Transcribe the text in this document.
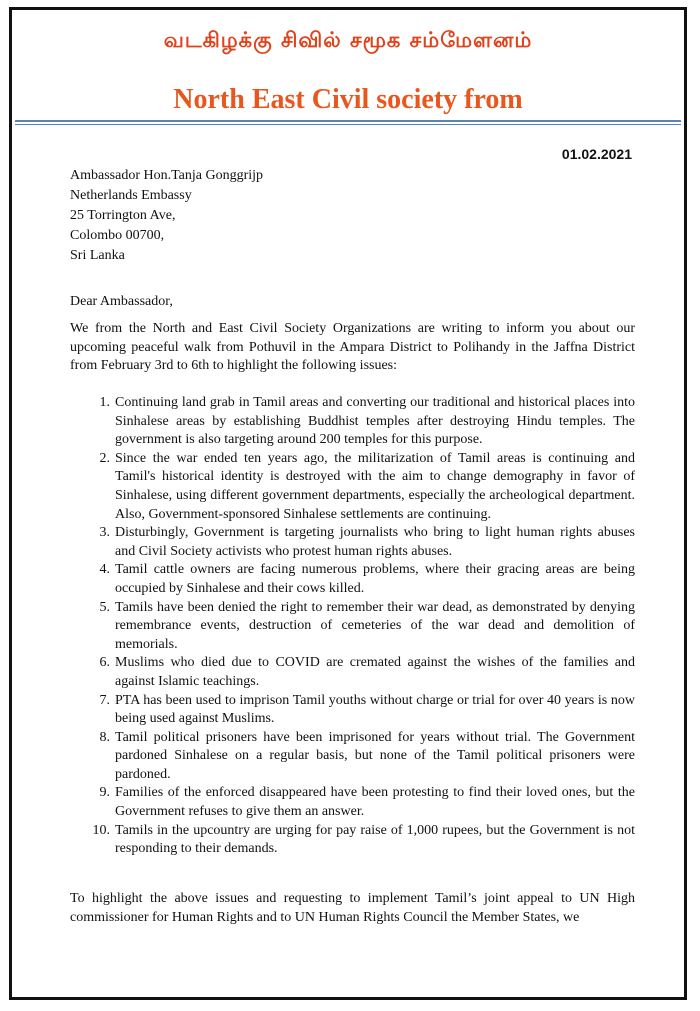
வடகிழக்கு சிவில் சமூக சம்மேளனம்
North East Civil society from
01.02.2021
Ambassador Hon.Tanja Gonggrijp
Netherlands Embassy
25 Torrington Ave,
Colombo 00700,
Sri Lanka
Dear Ambassador,
We from the North and East Civil Society Organizations are writing to inform you about our upcoming peaceful walk from Pothuvil in the Ampara District to Polihandy in the Jaffna District from February 3rd to 6th to highlight the following issues:
1 . Continuing land grab in Tamil areas and converting our traditional and historical places into Sinhalese areas by establishing Buddhist temples after destroying Hindu temples. The government is also targeting around 200 temples for this purpose.
2 . Since the war ended ten years ago, the militarization of Tamil areas is continuing and Tamil's historical identity is destroyed with the aim to change demography in favor of Sinhalese, using different government departments, especially the archeological department. Also, Government-sponsored Sinhalese settlements are continuing.
3 . Disturbingly, Government is targeting journalists who bring to light human rights abuses and Civil Society activists who protest human rights abuses.
4 . Tamil cattle owners are facing numerous problems, where their gracing areas are being occupied by Sinhalese and their cows killed.
5 . Tamils have been denied the right to remember their war dead, as demonstrated by denying remembrance events, destruction of cemeteries of the war dead and demolition of memorials.
6 . Muslims who died due to COVID are cremated against the wishes of the families and against Islamic teachings.
7 . PTA has been used to imprison Tamil youths without charge or trial for over 40 years is now being used against Muslims.
8 . Tamil political prisoners have been imprisoned for years without trial. The Government pardoned Sinhalese on a regular basis, but none of the Tamil political prisoners were pardoned.
9 . Families of the enforced disappeared have been protesting to find their loved ones, but the Government refuses to give them an answer.
10 . Tamils in the upcountry are urging for pay raise of 1,000 rupees, but the Government is not responding to their demands.
To highlight the above issues and requesting to implement Tamil’s joint appeal to UN High commissioner for Human Rights and to UN Human Rights Council the Member States, we
